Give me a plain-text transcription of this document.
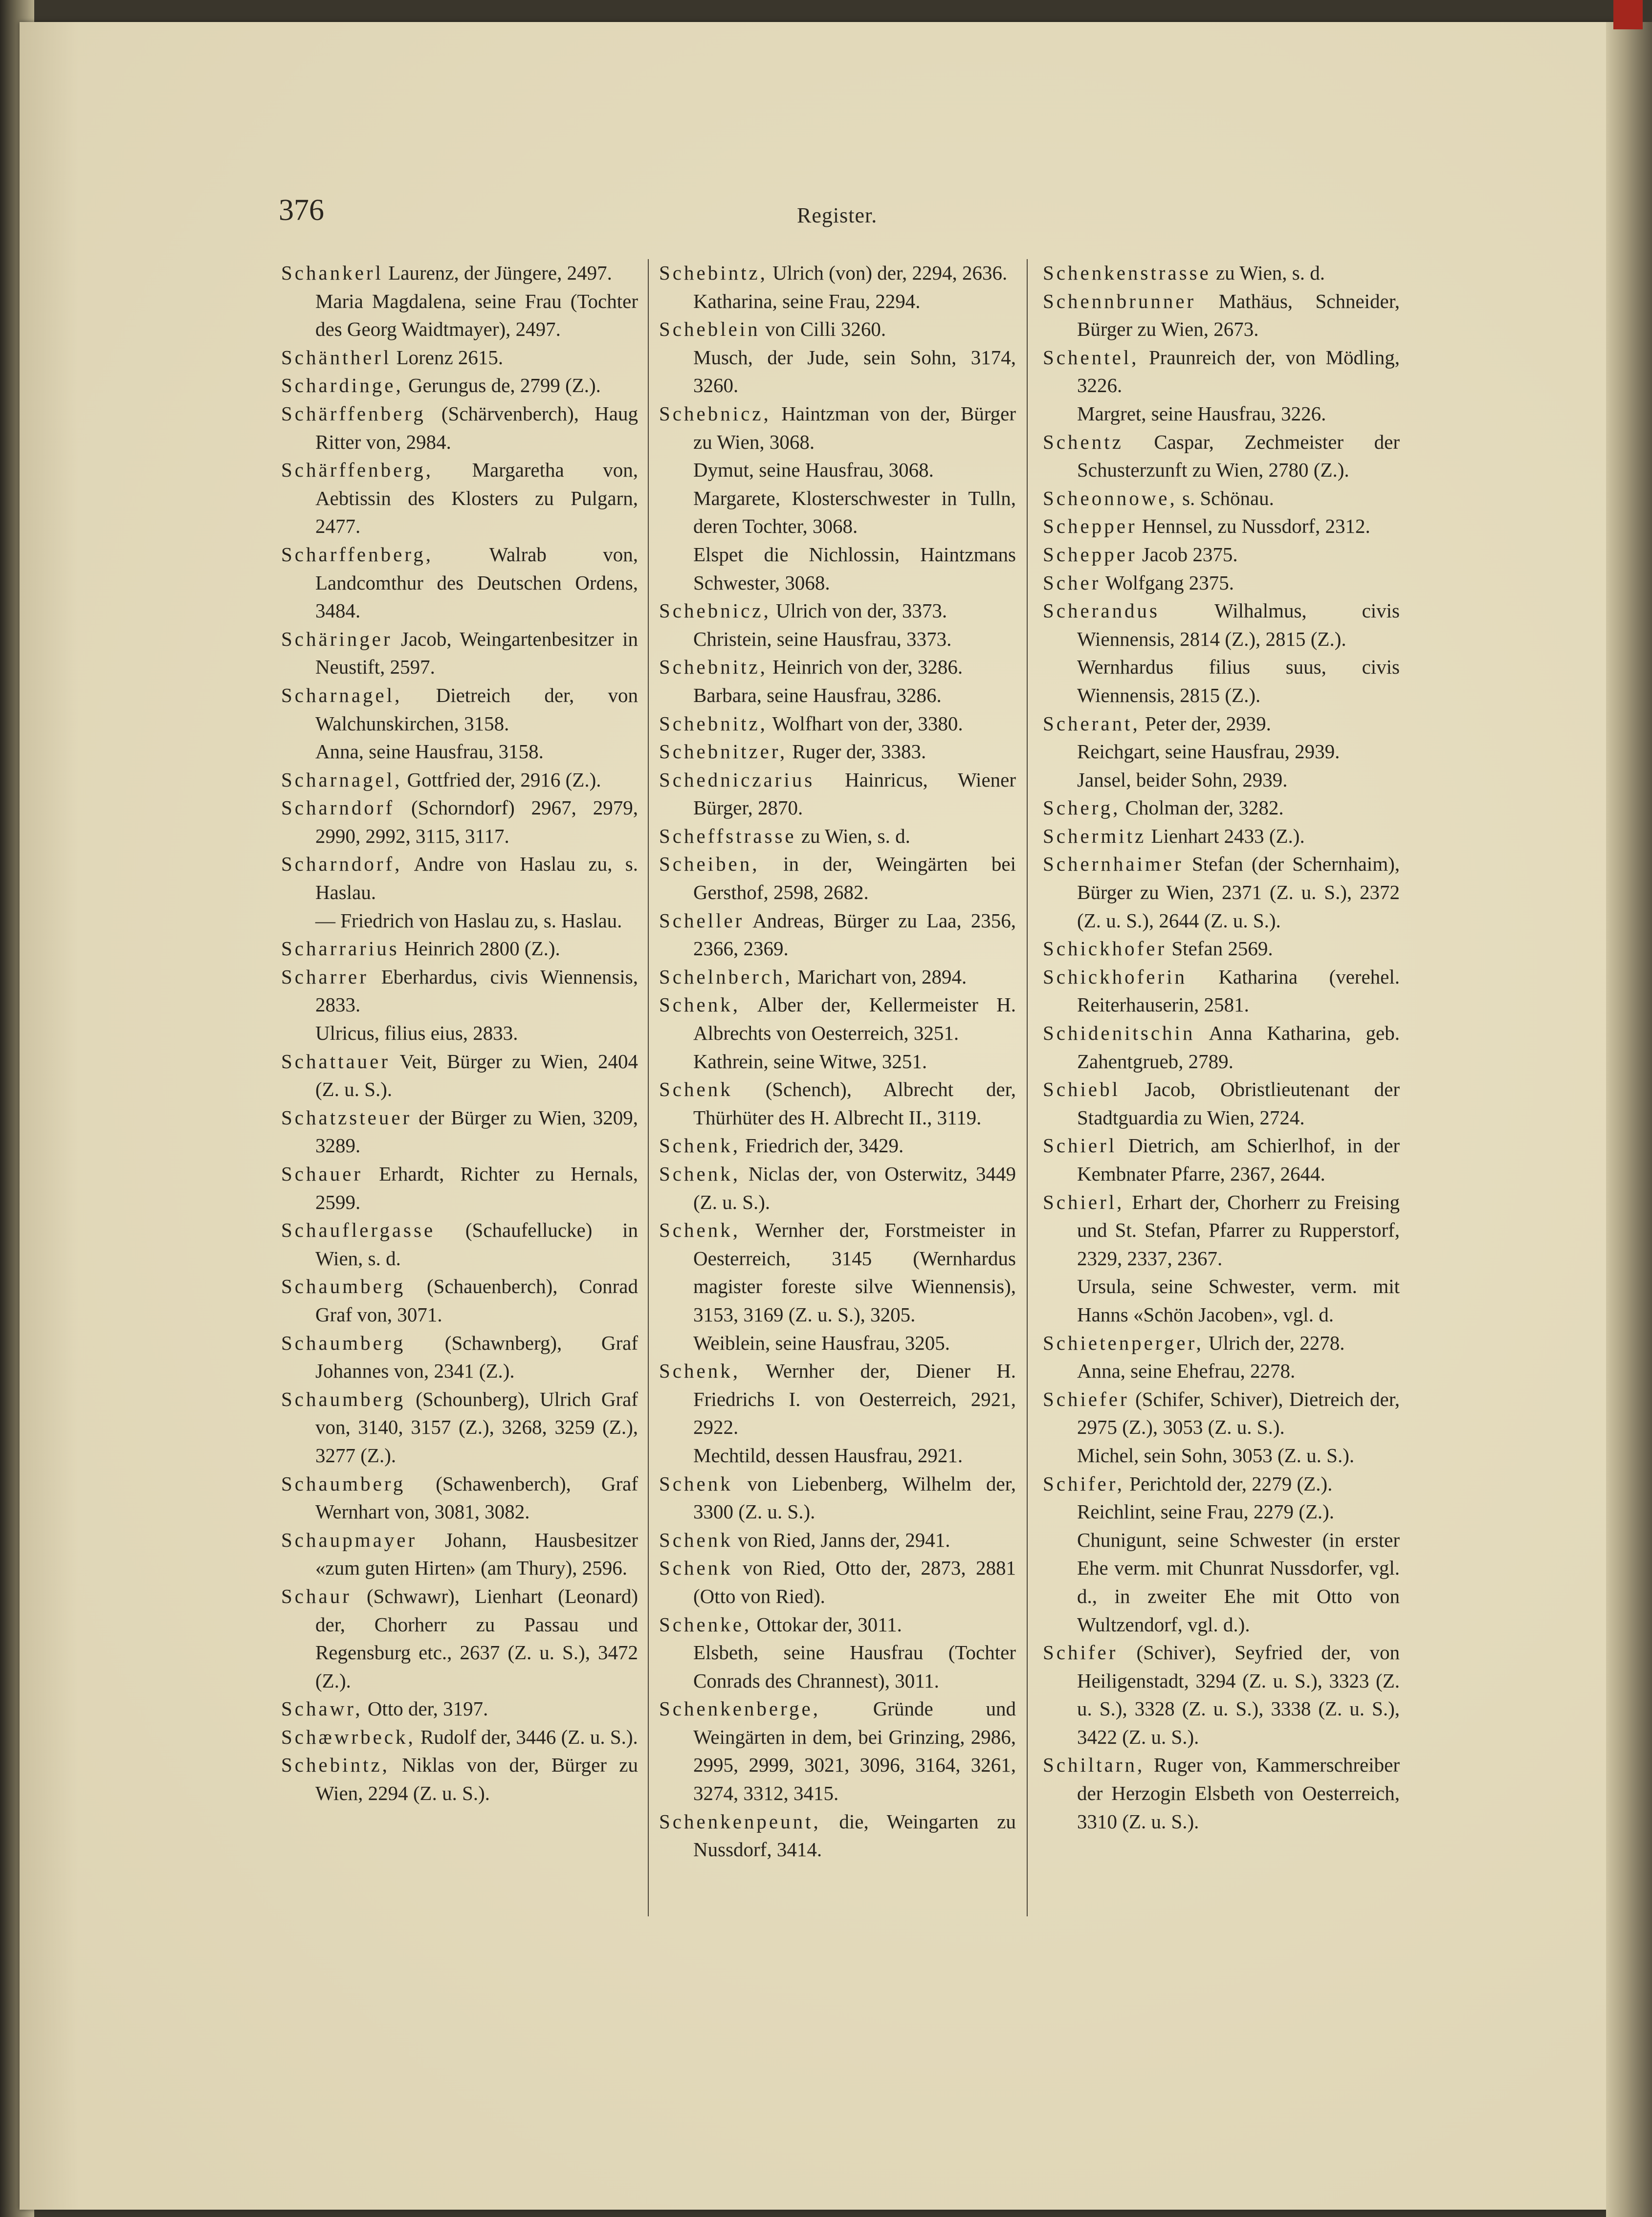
376	Register.
Schankerl Laurenz, der Jüngere, 2497.
Maria Magdalena, seine Frau (Tochter des Georg Waidtmayer), 2497.
Schäntherl Lorenz 2615.
Schardinge, Gerungus de, 2799 (Z.).
Schärffenberg (Schärvenberch), Haug Ritter von, 2984.
Schärffenberg, Margaretha von, Aebtissin des Klosters zu Pulgarn, 2477.
Scharffenberg, Walrab von, Landcomthur des Deutschen Ordens, 3484.
Schäringer Jacob, Weingartenbesitzer in Neustift, 2597.
Scharnagel, Dietreich der, von Walchunskirchen, 3158.
Anna, seine Hausfrau, 3158.
Scharnagel, Gottfried der, 2916 (Z.).
Scharndorf (Schorndorf) 2967, 2979, 2990, 2992, 3115, 3117.
Scharndorf, Andre von Haslau zu, s. Haslau.
— Friedrich von Haslau zu, s. Haslau.
Scharrarius Heinrich 2800 (Z.).
Scharrer Eberhardus, civis Wiennensis, 2833.
Ulricus, filius eius, 2833.
Schattauer Veit, Bürger zu Wien, 2404 (Z. u. S.).
Schatzsteuer der Bürger zu Wien, 3209, 3289.
Schauer Erhardt, Richter zu Hernals, 2599.
Schauflergasse (Schaufellucke) in Wien, s. d.
Schaumberg (Schauenberch), Conrad Graf von, 3071.
Schaumberg (Schawnberg), Graf Johannes von, 2341 (Z.).
Schaumberg (Schounberg), Ulrich Graf von, 3140, 3157 (Z.), 3268, 3259 (Z.), 3277 (Z.).
Schaumberg (Schawenberch), Graf Wernhart von, 3081, 3082.
Schaupmayer Johann, Hausbesitzer «zum guten Hirten» (am Thury), 2596.
Schaur (Schwawr), Lienhart (Leonard) der, Chorherr zu Passau und Regensburg etc., 2637 (Z. u. S.), 3472 (Z.).
Schawr, Otto der, 3197.
Schæwrbeck, Rudolf der, 3446 (Z. u. S.).
Schebintz, Niklas von der, Bürger zu Wien, 2294 (Z. u. S.).
Schebintz, Ulrich (von) der, 2294, 2636.
Katharina, seine Frau, 2294.
Scheblein von Cilli 3260.
Musch, der Jude, sein Sohn, 3174, 3260.
Schebnicz, Haintzman von der, Bürger zu Wien, 3068.
Dymut, seine Hausfrau, 3068.
Margarete, Klosterschwester in Tulln, deren Tochter, 3068.
Elspet die Nichlossin, Haintzmans Schwester, 3068.
Schebnicz, Ulrich von der, 3373.
Christein, seine Hausfrau, 3373.
Schebnitz, Heinrich von der, 3286.
Barbara, seine Hausfrau, 3286.
Schebnitz, Wolfhart von der, 3380.
Schebnitzer, Ruger der, 3383.
Schedniczarius Hainricus, Wiener Bürger, 2870.
Scheffstrasse zu Wien, s. d.
Scheiben, in der, Weingärten bei Gersthof, 2598, 2682.
Scheller Andreas, Bürger zu Laa, 2356, 2366, 2369.
Schelnberch, Marichart von, 2894.
Schenk, Alber der, Kellermeister H. Albrechts von Oesterreich, 3251.
Kathrein, seine Witwe, 3251.
Schenk (Schench), Albrecht der, Thürhüter des H. Albrecht II., 3119.
Schenk, Friedrich der, 3429.
Schenk, Niclas der, von Osterwitz, 3449 (Z. u. S.).
Schenk, Wernher der, Forstmeister in Oesterreich, 3145 (Wernhardus magister foreste silve Wiennensis), 3153, 3169 (Z. u. S.), 3205.
Weiblein, seine Hausfrau, 3205.
Schenk, Wernher der, Diener H. Friedrichs I. von Oesterreich, 2921, 2922.
Mechtild, dessen Hausfrau, 2921.
Schenk von Liebenberg, Wilhelm der, 3300 (Z. u. S.).
Schenk von Ried, Janns der, 2941.
Schenk von Ried, Otto der, 2873, 2881 (Otto von Ried).
Schenke, Ottokar der, 3011.
Elsbeth, seine Hausfrau (Tochter Conrads des Chrannest), 3011.
Schenkenberge, Gründe und Weingärten in dem, bei Grinzing, 2986, 2995, 2999, 3021, 3096, 3164, 3261, 3274, 3312, 3415.
Schenkenpeunt, die, Weingarten zu Nussdorf, 3414.
Schenkenstrasse zu Wien, s. d.
Schennbrunner Mathäus, Schneider, Bürger zu Wien, 2673.
Schentel, Praunreich der, von Mödling, 3226.
Margret, seine Hausfrau, 3226.
Schentz Caspar, Zechmeister der Schusterzunft zu Wien, 2780 (Z.).
Scheonnowe, s. Schönau.
Schepper Hennsel, zu Nussdorf, 2312.
Schepper Jacob 2375.
Scher Wolfgang 2375.
Scherandus Wilhalmus, civis Wiennensis, 2814 (Z.), 2815 (Z.).
Wernhardus filius suus, civis Wiennensis, 2815 (Z.).
Scherant, Peter der, 2939.
Reichgart, seine Hausfrau, 2939.
Jansel, beider Sohn, 2939.
Scherg, Cholman der, 3282.
Schermitz Lienhart 2433 (Z.).
Schernhaimer Stefan (der Schernhaim), Bürger zu Wien, 2371 (Z. u. S.), 2372 (Z. u. S.), 2644 (Z. u. S.).
Schickhofer Stefan 2569.
Schickhoferin Katharina (verehel. Reiterhauserin, 2581.
Schidenitschin Anna Katharina, geb. Zahentgrueb, 2789.
Schiebl Jacob, Obristlieutenant der Stadtguardia zu Wien, 2724.
Schierl Dietrich, am Schierlhof, in der Kembnater Pfarre, 2367, 2644.
Schierl, Erhart der, Chorherr zu Freising und St. Stefan, Pfarrer zu Rupperstorf, 2329, 2337, 2367.
Ursula, seine Schwester, verm. mit Hanns «Schön Jacoben», vgl. d.
Schietenperger, Ulrich der, 2278.
Anna, seine Ehefrau, 2278.
Schiefer (Schifer, Schiver), Dietreich der, 2975 (Z.), 3053 (Z. u. S.).
Michel, sein Sohn, 3053 (Z. u. S.).
Schifer, Perichtold der, 2279 (Z.).
Reichlint, seine Frau, 2279 (Z.).
Chunigunt, seine Schwester (in erster Ehe verm. mit Chunrat Nussdorfer, vgl. d., in zweiter Ehe mit Otto von Wultzendorf, vgl. d.).
Schifer (Schiver), Seyfried der, von Heiligenstadt, 3294 (Z. u. S.), 3323 (Z. u. S.), 3328 (Z. u. S.), 3338 (Z. u. S.), 3422 (Z. u. S.).
Schiltarn, Ruger von, Kammerschreiber der Herzogin Elsbeth von Oesterreich, 3310 (Z. u. S.).
